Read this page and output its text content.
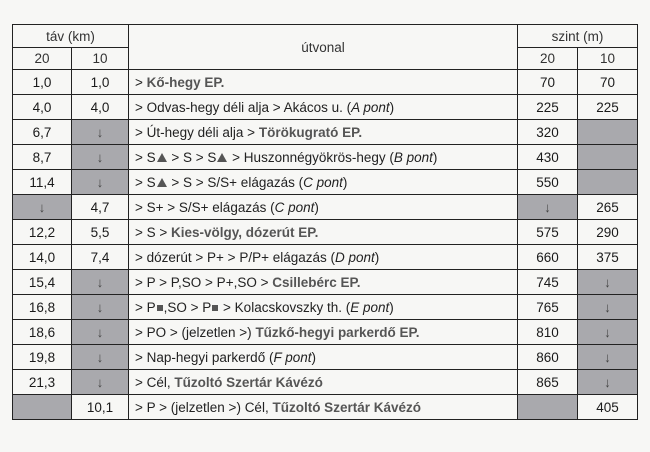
táv (km)		útvonal	szint (m)	
20	10		20	10
1,0	1,0	> Kő-hegy EP.	70	70
4,0	4,0	> Odvas-hegy déli alja > Akácos u. (A pont)	225	225
6,7	↓	> Út-hegy déli alja > Törökugrató EP.	320	
8,7	↓	> S > S > S > Huszonnégyökrös-hegy (B pont)	430	
11,4	↓	> S > S > S/S+ elágazás (C pont)	550	
↓	4,7	> S+ > S/S+ elágazás (C pont)	↓	265
12,2	5,5	> S > Kies-völgy, dózerút EP.	575	290
14,0	7,4	> dózerút > P+ > P/P+ elágazás (D pont)	660	375
15,4	↓	> P > P,SO > P+,SO > Csillebérc EP.	745	↓
16,8	↓	> P ,SO > P > Kolacskovszky th. (E pont)	765	↓
18,6	↓	> PO > (jelzetlen >) Tűzkő-hegyi parkerdő EP.	810	↓
19,8	↓	> Nap-hegyi parkerdő (F pont)	860	↓
21,3	↓	> Cél, Tűzoltó Szertár Kávézó	865	↓
	10,1	> P > (jelzetlen >) Cél, Tűzoltó Szertár Kávézó		405
